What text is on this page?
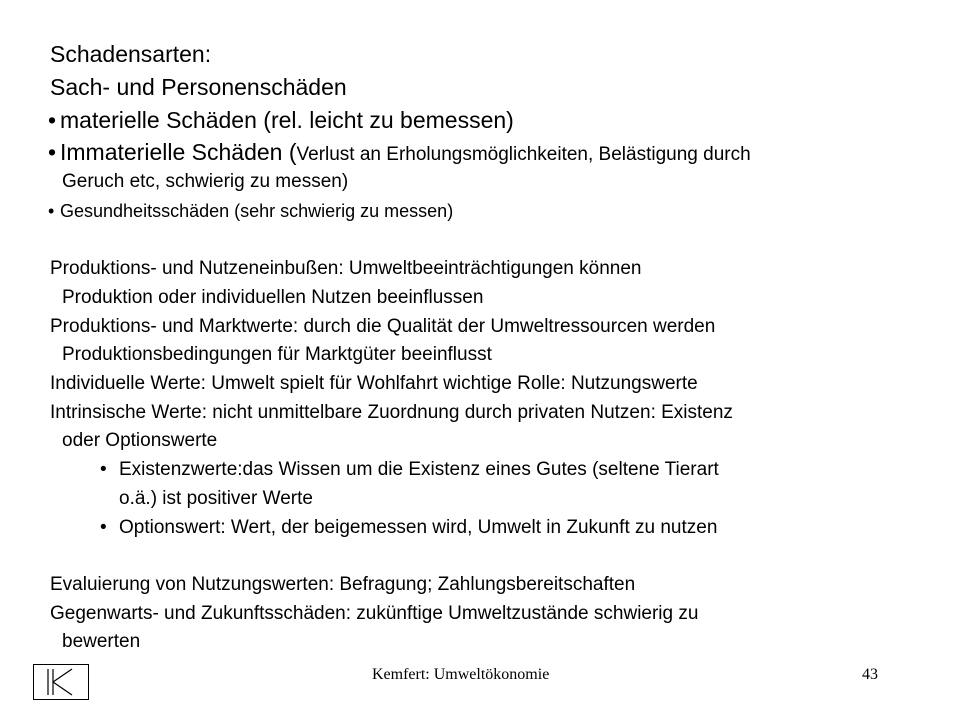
Schadensarten:
Sach- und Personenschäden
• materielle Schäden (rel. leicht zu bemessen)
• Immaterielle Schäden (Verlust an Erholungsmöglichkeiten, Belästigung durch
Geruch etc, schwierig zu messen)
• Gesundheitsschäden (sehr schwierig zu messen)
Produktions- und Nutzeneinbußen: Umweltbeeinträchtigungen können
Produktion oder individuellen Nutzen beeinflussen
Produktions- und Marktwerte: durch die Qualität der Umweltressourcen werden
Produktionsbedingungen für Marktgüter beeinflusst
Individuelle Werte: Umwelt spielt für Wohlfahrt wichtige Rolle: Nutzungswerte
Intrinsische Werte: nicht unmittelbare Zuordnung durch privaten Nutzen: Existenz
oder Optionswerte
• Existenzwerte:das Wissen um die Existenz eines Gutes (seltene Tierart
o.ä.) ist positiver Werte
• Optionswert: Wert, der beigemessen wird, Umwelt in Zukunft zu nutzen
Evaluierung von Nutzungswerten: Befragung; Zahlungsbereitschaften
Gegenwarts- und Zukunftsschäden: zukünftige Umweltzustände schwierig zu
bewerten
Kemfert: Umweltökonomie	43
